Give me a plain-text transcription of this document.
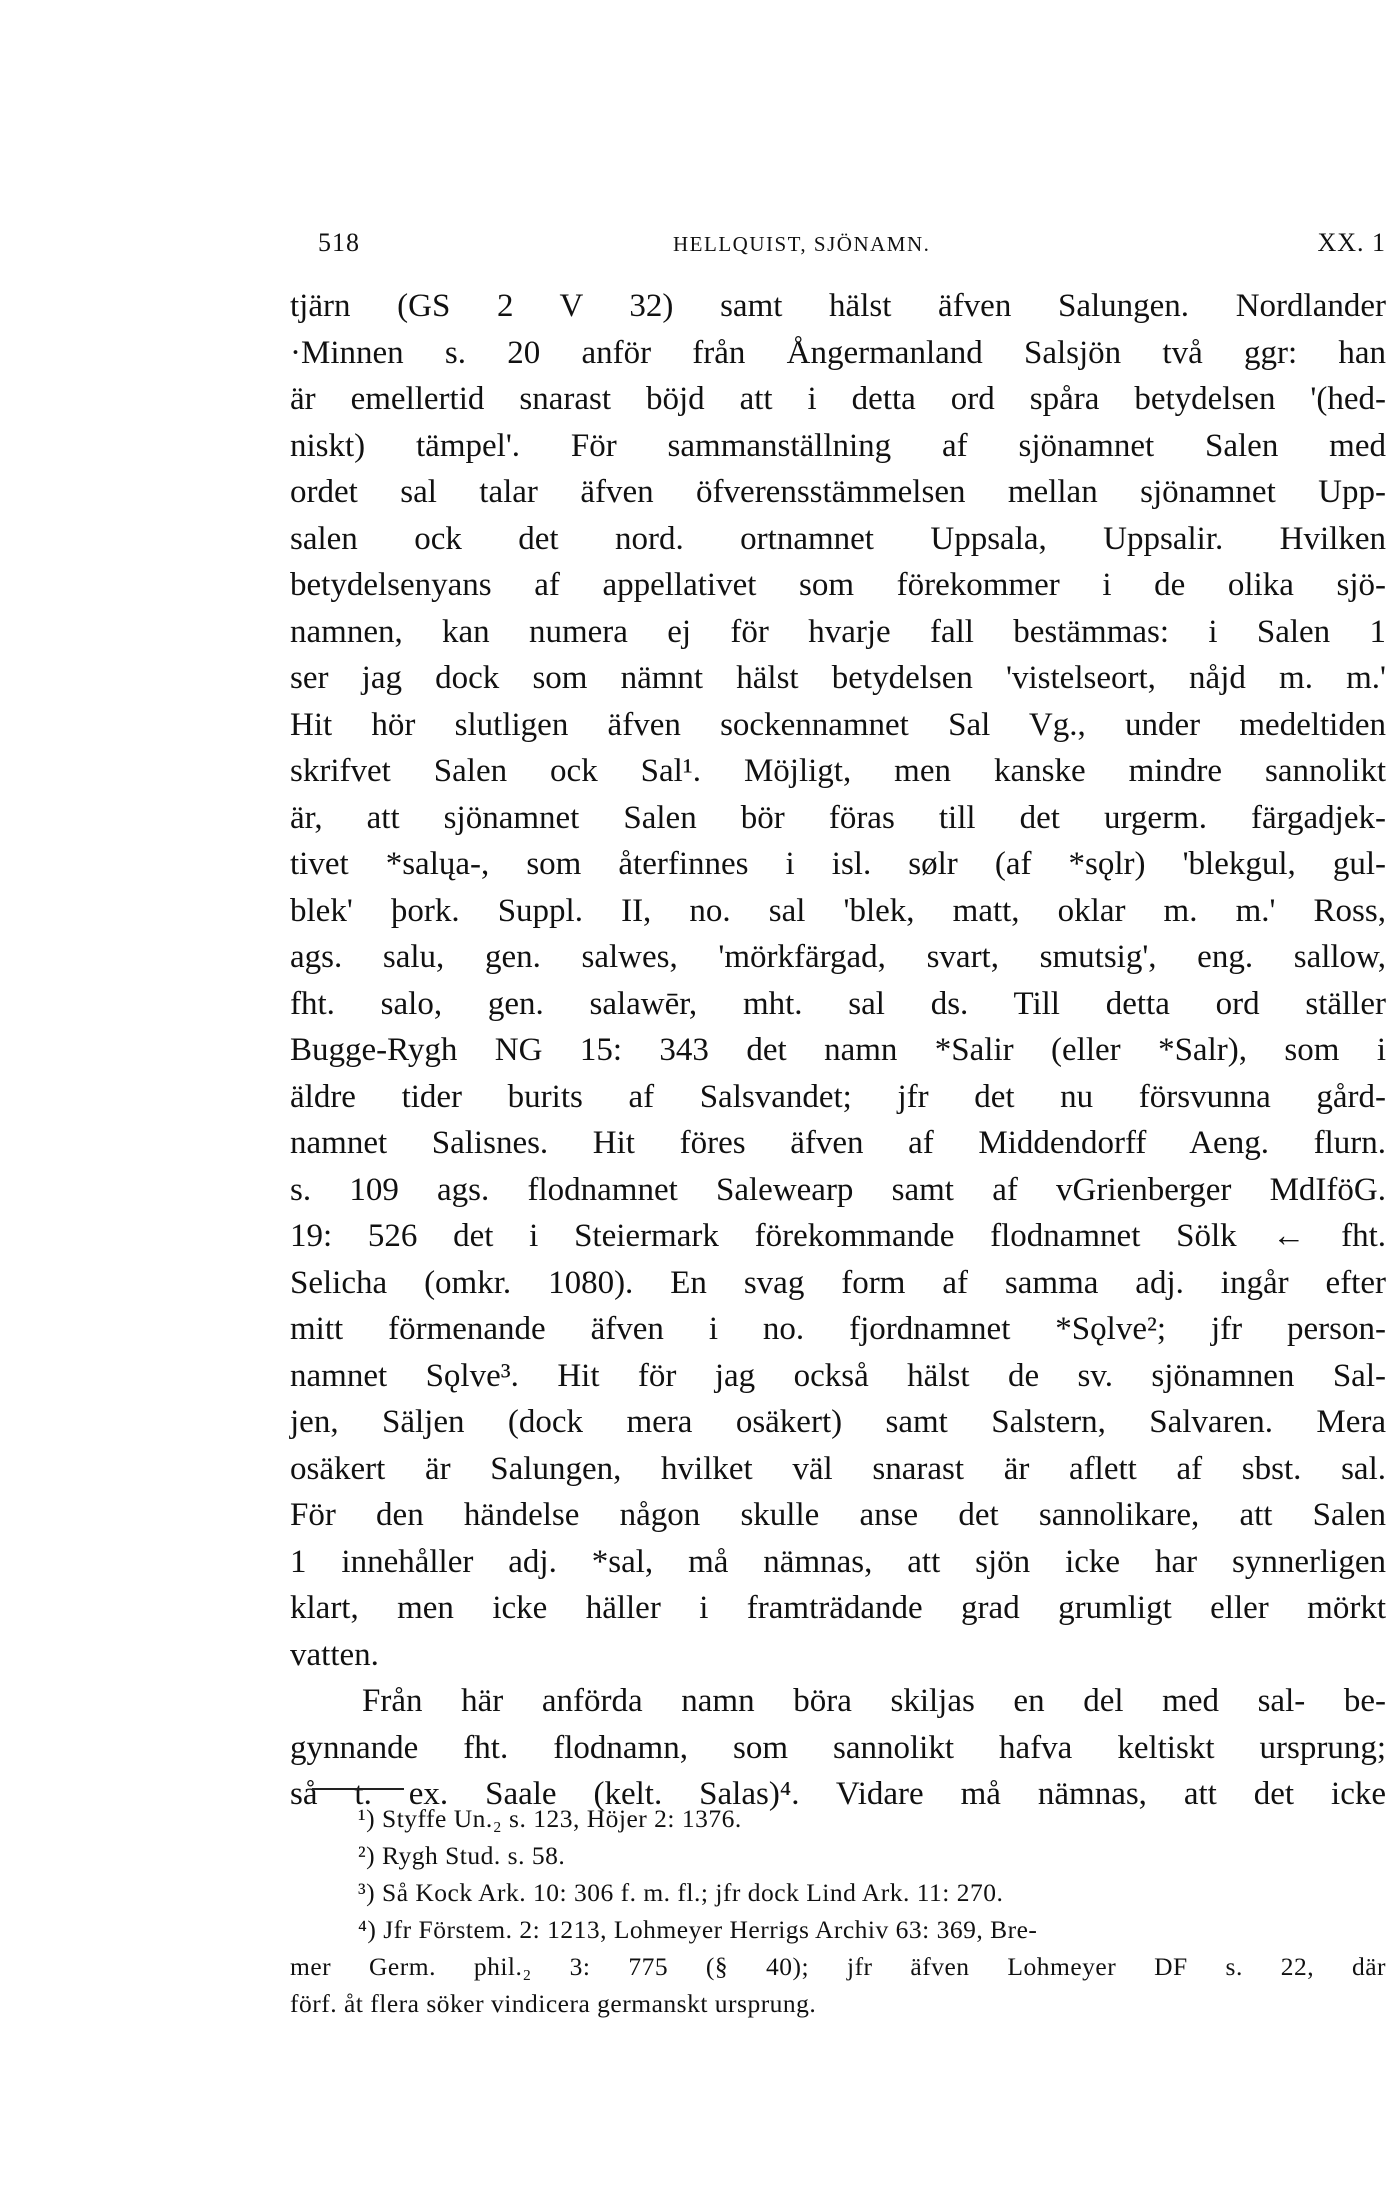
518	HELLQUIST, SJÖNAMN.	XX. 1
tjärn (GS 2 V 32) samt hälst äfven Salungen. Nordlander
·Minnen s. 20 anför från Ångermanland Salsjön två ggr: han
är emellertid snarast böjd att i detta ord spåra betydelsen '(hed-
niskt) tämpel'. För sammanställning af sjönamnet Salen med
ordet sal talar äfven öfverensstämmelsen mellan sjönamnet Upp-
salen ock det nord. ortnamnet Uppsala, Uppsalir. Hvilken
betydelsenyans af appellativet som förekommer i de olika sjö-
namnen, kan numera ej för hvarje fall bestämmas: i Salen 1
ser jag dock som nämnt hälst betydelsen 'vistelseort, nåjd m. m.'
Hit hör slutligen äfven sockennamnet Sal Vg., under medeltiden
skrifvet Salen ock Sal¹. Möjligt, men kanske mindre sannolikt
är, att sjönamnet Salen bör föras till det urgerm. färgadjek-
tivet *salųa-, som återfinnes i isl. sølr (af *sǫlr) 'blekgul, gul-
blek' þork. Suppl. II, no. sal 'blek, matt, oklar m. m.' Ross,
ags. salu, gen. salwes, 'mörkfärgad, svart, smutsig', eng. sallow,
fht. salo, gen. salawēr, mht. sal ds. Till detta ord ställer
Bugge-Rygh NG 15: 343 det namn *Salir (eller *Salr), som i
äldre tider burits af Salsvandet; jfr det nu försvunna gård-
namnet Salisnes. Hit föres äfven af Middendorff Aeng. flurn.
s. 109 ags. flodnamnet Salewearp samt af vGrienberger MdIföG.
19: 526 det i Steiermark förekommande flodnamnet Sölk ← fht.
Selicha (omkr. 1080). En svag form af samma adj. ingår efter
mitt förmenande äfven i no. fjordnamnet *Sǫlve²; jfr person-
namnet Sǫlve³. Hit för jag också hälst de sv. sjönamnen Sal-
jen, Säljen (dock mera osäkert) samt Salstern, Salvaren. Mera
osäkert är Salungen, hvilket väl snarast är aflett af sbst. sal.
För den händelse någon skulle anse det sannolikare, att Salen
1 innehåller adj. *sal, må nämnas, att sjön icke har synnerligen
klart, men icke häller i framträdande grad grumligt eller mörkt
vatten.
Från här anförda namn böra skiljas en del med sal- be-
gynnande fht. flodnamn, som sannolikt hafva keltiskt ursprung;
så t. ex. Saale (kelt. Salas)⁴. Vidare må nämnas, att det icke
¹) Styffe Un.₂ s. 123, Höjer 2: 1376.
²) Rygh Stud. s. 58.
³) Så Kock Ark. 10: 306 f. m. fl.; jfr dock Lind Ark. 11: 270.
⁴) Jfr Förstem. 2: 1213, Lohmeyer Herrigs Archiv 63: 369, Bre-
mer Germ. phil.₂ 3: 775 (§ 40); jfr äfven Lohmeyer DF s. 22, där
förf. åt flera söker vindicera germanskt ursprung.
